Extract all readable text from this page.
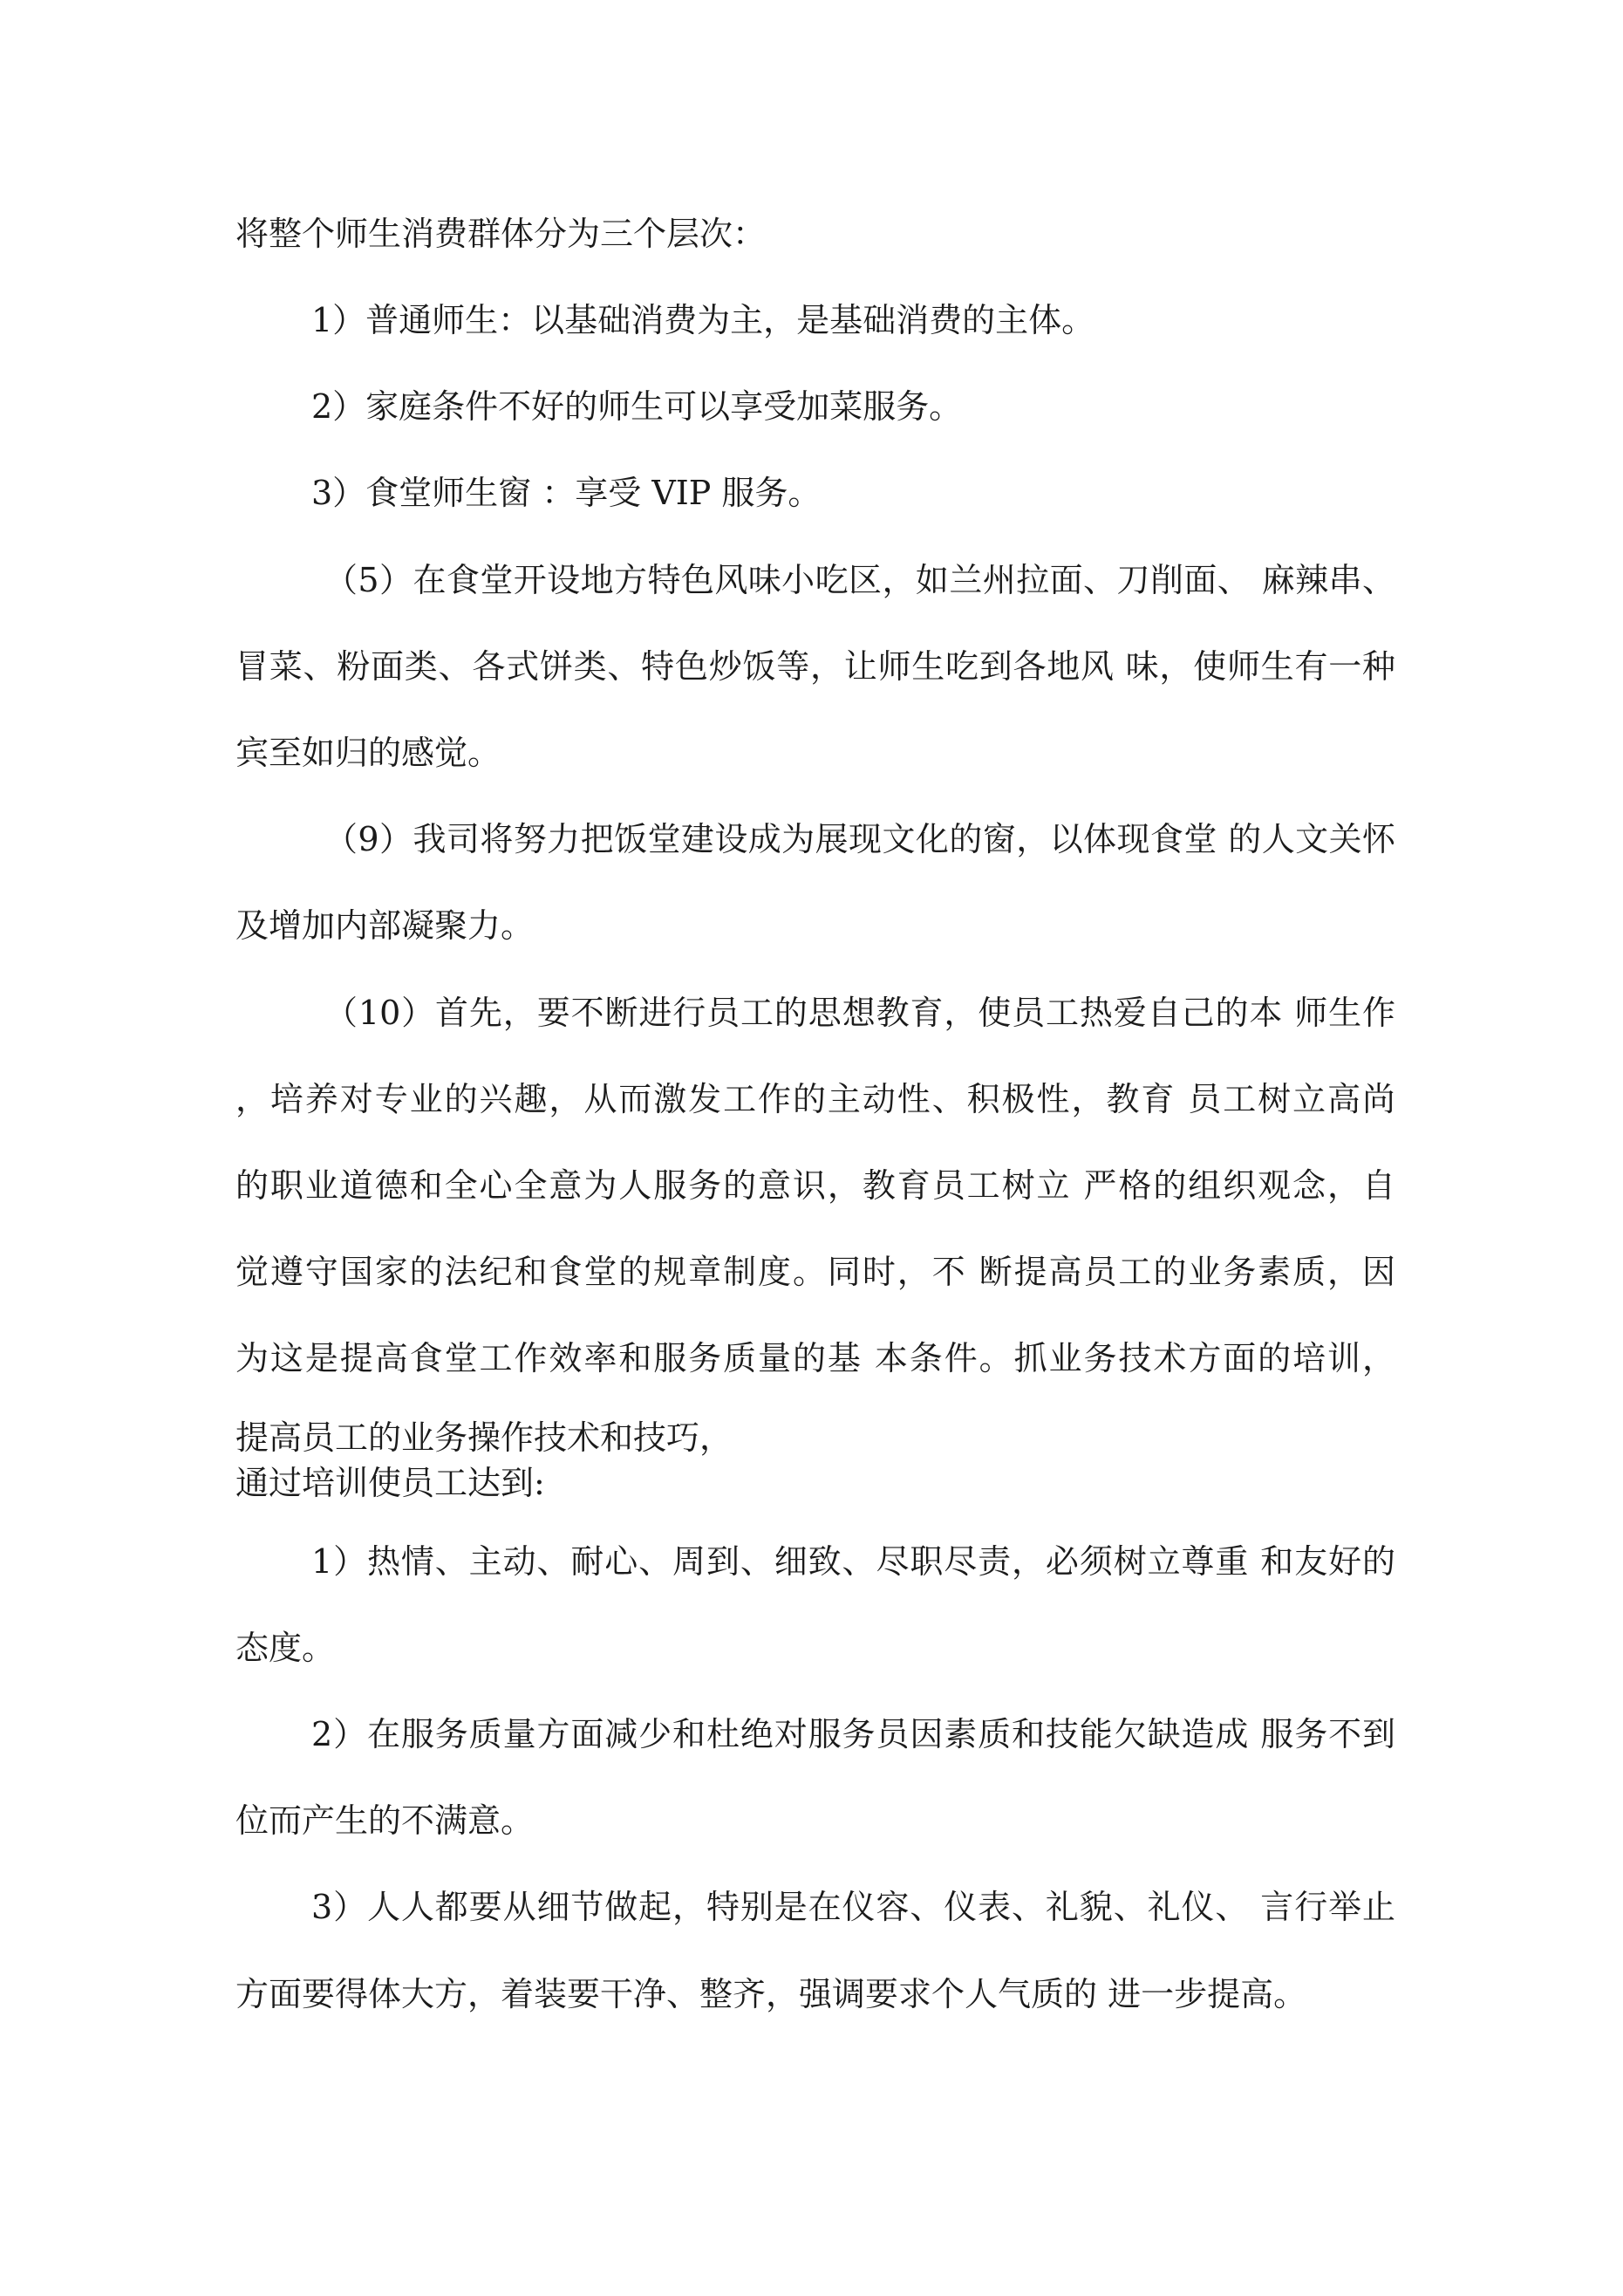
将整个师生消费群体分为三个层次：
1）普通师生：以基础消费为主，是基础消费的主体。
2）家庭条件不好的师生可以享受加菜服务。
3）食堂师生窗 ：享受 VIP 服务。
（5）在食堂开设地方特色风味小吃区，如兰州拉面、刀削面、 麻辣串、
冒菜、粉面类、各式饼类、特色炒饭等，让师生吃到各地风 味，使师生有一种
宾至如归的感觉。
（9）我司将努力把饭堂建设成为展现文化的窗，以体现食堂 的人文关怀
及增加内部凝聚力。
（10）首先，要不断进行员工的思想教育，使员工热爱自己的本 师生作
，培养对专业的兴趣，从而激发工作的主动性、积极性，教育 员工树立高尚
的职业道德和全心全意为人服务的意识，教育员工树立 严格的组织观念，自
觉遵守国家的法纪和食堂的规章制度。同时，不 断提高员工的业务素质，因
为这是提高食堂工作效率和服务质量的基 本条件。抓业务技术方面的培训，
提高员工的业务操作技术和技巧，
通过培训使员工达到:
1）热情、主动、耐心、周到、细致、尽职尽责，必须树立尊重 和友好的
态度。
2）在服务质量方面减少和杜绝对服务员因素质和技能欠缺造成 服务不到
位而产生的不满意。
3）人人都要从细节做起，特别是在仪容、仪表、礼貌、礼仪、 言行举止
方面要得体大方，着装要干净、整齐，强调要求个人气质的 进一步提高。
